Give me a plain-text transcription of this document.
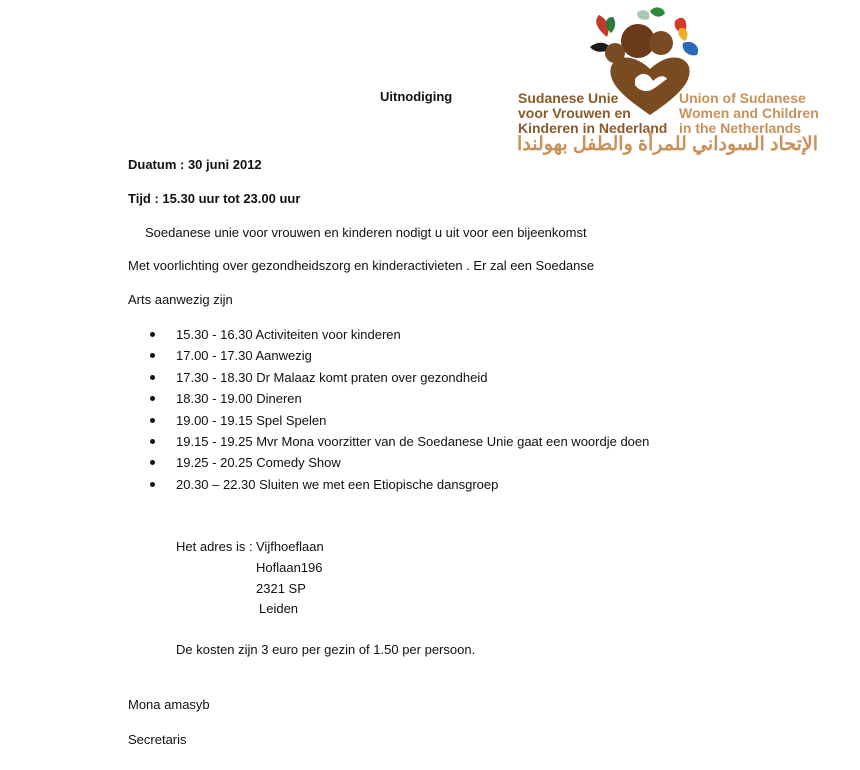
Sudanese Unie
voor Vrouwen en
Kinderen in Nederland
Union of Sudanese
Women and Children
in the Netherlands
الإتحاد السوداني للمرأة والطفل بهولندا
Uitnodiging
Duatum : 30 juni 2012
Tijd : 15.30 uur tot 23.00 uur
Soedanese unie voor vrouwen en kinderen nodigt u uit voor een bijeenkomst
Met voorlichting over gezondheidszorg en kinderactivieten . Er zal een Soedanse
Arts aanwezig zijn
15.30 - 16.30 Activiteiten voor kinderen
17.00 - 17.30 Aanwezig
17.30 - 18.30 Dr Malaaz komt praten over gezondheid
18.30 - 19.00 Dineren
19.00 - 19.15 Spel Spelen
19.15 - 19.25 Mvr Mona voorzitter van de Soedanese Unie gaat een woordje doen
19.25 - 20.25 Comedy Show
20.30 – 22.30 Sluiten we met een Etiopische dansgroep
Het adres is : Vijfhoeflaan
Hoflaan196
2321 SP
Leiden
De kosten zijn 3 euro per gezin of 1.50 per persoon.
Mona amasyb
Secretaris
